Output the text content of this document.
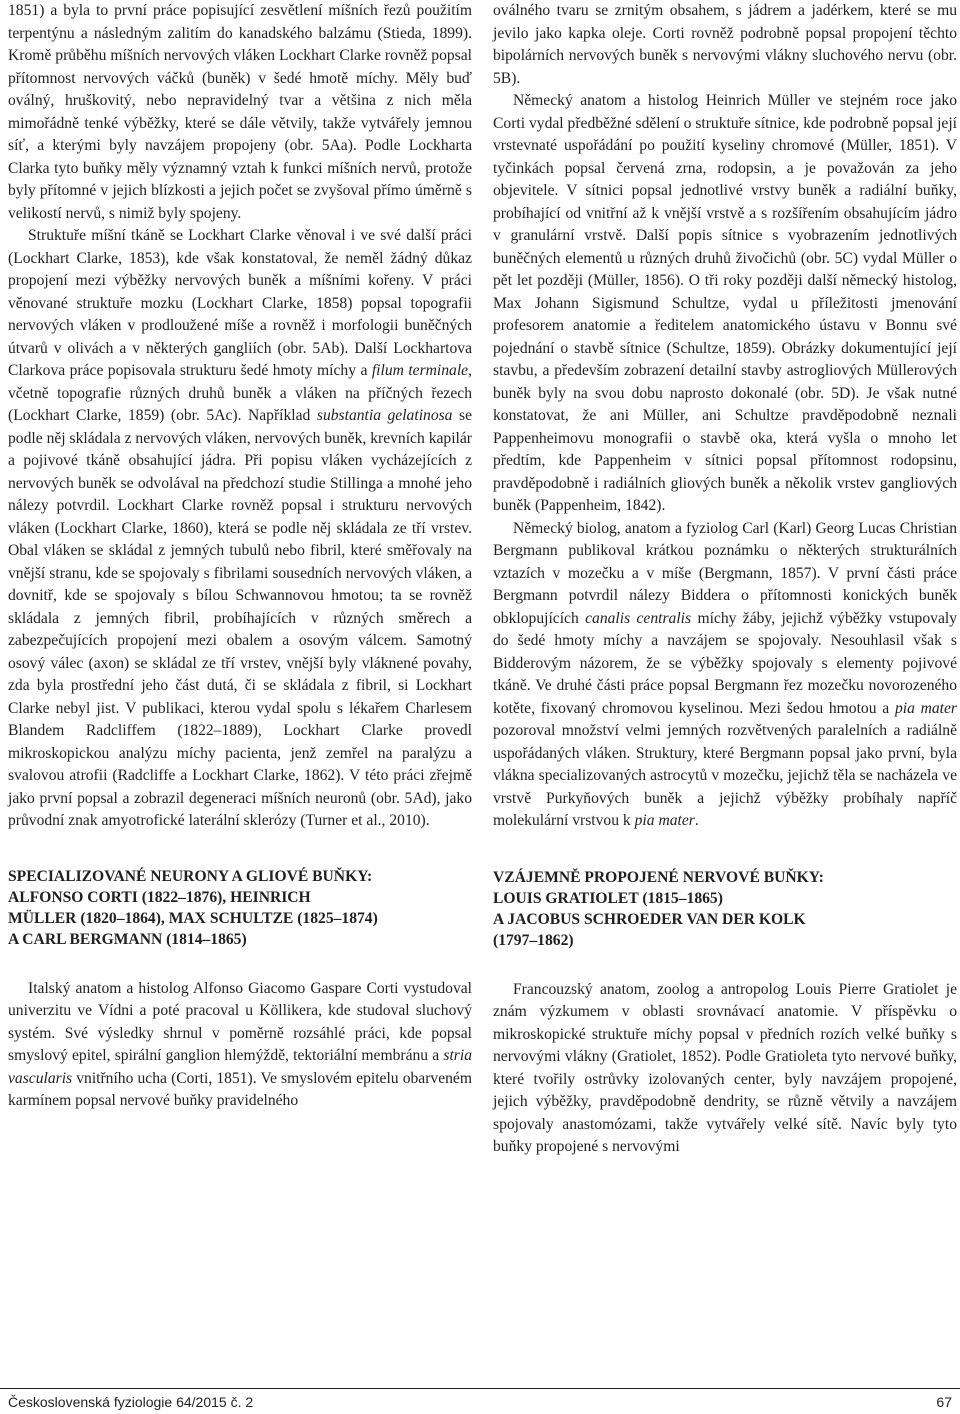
1851) a byla to první práce popisující zesvětlení míšních řezů použitím terpentýnu a následným zalitím do kanadského balzámu (Stieda, 1899). Kromě průběhu míšních nervových vláken Lockhart Clarke rovněž popsal přítomnost nervových váčků (buněk) v šedé hmotě míchy. Měly buď oválný, hruškovitý, nebo nepravidelný tvar a většina z nich měla mimořádně tenké výběžky, které se dále větvily, takže vytvářely jemnou síť, a kterými byly navzájem propojeny (obr. 5Aa). Podle Lockharta Clarka tyto buňky měly významný vztah k funkci míšních nervů, protože byly přítomné v jejich blízkosti a jejich počet se zvyšoval přímo úměrně s velikostí nervů, s nimiž byly spojeny.

Struktuře míšní tkáně se Lockhart Clarke věnoval i ve své další práci (Lockhart Clarke, 1853), kde však konstatoval, že neměl žádný důkaz propojení mezi výběžky nervových buněk a míšními kořeny. V práci věnované struktuře mozku (Lockhart Clarke, 1858) popsal topografii nervových vláken v prodloužené míše a rovněž i morfologii buněčných útvarů v olivách a v některých gangliích (obr. 5Ab). Další Lockhartova Clarkova práce popisovala strukturu šedé hmoty míchy a filum terminale, včetně topografie různých druhů buněk a vláken na příčných řezech (Lockhart Clarke, 1859) (obr. 5Ac). Například substantia gelatinosa se podle něj skládala z nervových vláken, nervových buněk, krevních kapilár a pojivové tkáně obsahující jádra. Při popisu vláken vycházejících z nervových buněk se odvolával na předchozí studie Stillinga a mnohé jeho nálezy potvrdil. Lockhart Clarke rovněž popsal i strukturu nervových vláken (Lockhart Clarke, 1860), která se podle něj skládala ze tří vrstev. Obal vláken se skládal z jemných tubulů nebo fibril, které směřovaly na vnější stranu, kde se spojovaly s fibrilami sousedních nervových vláken, a dovnitř, kde se spojovaly s bílou Schwannovou hmotou; ta se rovněž skládala z jemných fibril, probíhajících v různých směrech a zabezpečujících propojení mezi obalem a osovým válcem. Samotný osový válec (axon) se skládal ze tří vrstev, vnější byly vláknené povahy, zda byla prostřední jeho část dutá, či se skládala z fibril, si Lockhart Clarke nebyl jist. V publikaci, kterou vydal spolu s lékařem Charlesem Blandem Radcliffem (1822–1889), Lockhart Clarke provedl mikroskopickou analýzu míchy pacienta, jenž zemřel na paralýzu a svalovou atrofii (Radcliffe a Lockhart Clarke, 1862). V této práci zřejmě jako první popsal a zobrazil degeneraci míšních neuronů (obr. 5Ad), jako průvodní znak amyotrofické laterální sklerózy (Turner et al., 2010).

SPECIALIZOVANÉ NEURONY A GLIOVÉ BUŇKY:

ALFONSO CORTI (1822–1876), HEINRICH

MÜLLER (1820–1864), MAX SCHULTZE (1825–1874)

A CARL BERGMANN (1814–1865)

Italský anatom a histolog Alfonso Giacomo Gaspare Corti vystudoval univerzitu ve Vídni a poté pracoval u Köllikera, kde studoval sluchový systém. Své výsledky shrnul v poměrně rozsáhlé práci, kde popsal smyslový epitel, spirální ganglion hlemýždě, tektoriální membránu a stria vascularis vnitřního ucha (Corti, 1851). Ve smyslovém epitelu obarveném karmínem popsal nervové buňky pravidelného

oválného tvaru se zrnitým obsahem, s jádrem a jadérkem, které se mu jevilo jako kapka oleje. Corti rovněž podrobně popsal propojení těchto bipolárních nervových buněk s nervovými vlákny sluchového nervu (obr. 5B).

Německý anatom a histolog Heinrich Müller ve stejném roce jako Corti vydal předběžné sdělení o struktuře sítnice, kde podrobně popsal její vrstevnaté uspořádání po použití kyseliny chromové (Müller, 1851). V tyčinkách popsal červená zrna, rodopsin, a je považován za jeho objevitele. V sítnici popsal jednotlivé vrstvy buněk a radiální buňky, probíhající od vnitřní až k vnější vrstvě a s rozšířením obsahujícím jádro v granulární vrstvě. Další popis sítnice s vyobrazením jednotlivých buněčných elementů u různých druhů živočichů (obr. 5C) vydal Müller o pět let později (Müller, 1856). O tři roky později další německý histolog, Max Johann Sigismund Schultze, vydal u příležitosti jmenování profesorem anatomie a ředitelem anatomického ústavu v Bonnu své pojednání o stavbě sítnice (Schultze, 1859). Obrázky dokumentující její stavbu, a především zobrazení detailní stavby astrogliových Müllerových buněk byly na svou dobu naprosto dokonalé (obr. 5D). Je však nutné konstatovat, že ani Müller, ani Schultze pravděpodobně neznali Pappenheimovu monografii o stavbě oka, která vyšla o mnoho let předtím, kde Pappenheim v sítnici popsal přítomnost rodopsinu, pravděpodobně i radiálních gliových buněk a několik vrstev gangliových buněk (Pappenheim, 1842).

Německý biolog, anatom a fyziolog Carl (Karl) Georg Lucas Christian Bergmann publikoval krátkou poznámku o některých strukturálních vztazích v mozečku a v míše (Bergmann, 1857). V první části práce Bergmann potvrdil nálezy Biddera o přítomnosti konických buněk obklopujících canalis centralis míchy žáby, jejichž výběžky vstupovaly do šedé hmoty míchy a navzájem se spojovaly. Nesouhlasil však s Bidderovým názorem, že se výběžky spojovaly s elementy pojivové tkáně. Ve druhé části práce popsal Bergmann řez mozečku novorozeného kotěte, fixovaný chromovou kyselinou. Mezi šedou hmotou a pia mater pozoroval množství velmi jemných rozvětvených paralelních a radiálně uspořádaných vláken. Struktury, které Bergmann popsal jako první, byla vlákna specializovaných astrocytů v mozečku, jejichž těla se nacházela ve vrstvě Purkyňových buněk a jejichž výběžky probíhaly napříč molekulární vrstvou k pia mater.

VZÁJEMNĚ PROPOJENÉ NERVOVÉ BUŇKY:

LOUIS GRATIOLET (1815–1865)

A JACOBUS SCHROEDER VAN DER KOLK

(1797–1862)

Francouzský anatom, zoolog a antropolog Louis Pierre Gratiolet je znám výzkumem v oblasti srovnávací anatomie. V příspěvku o mikroskopické struktuře míchy popsal v předních rozích velké buňky s nervovými vlákny (Gratiolet, 1852). Podle Gratioleta tyto nervové buňky, které tvořily ostrůvky izolovaných center, byly navzájem propojené, jejich výběžky, pravděpodobně dendrity, se různě větvily a navzájem spojovaly anastomózami, takže vytvářely velké sítě. Navíc byly tyto buňky propojené s nervovými

Československá fyziologie 64/2015 č. 2	67
